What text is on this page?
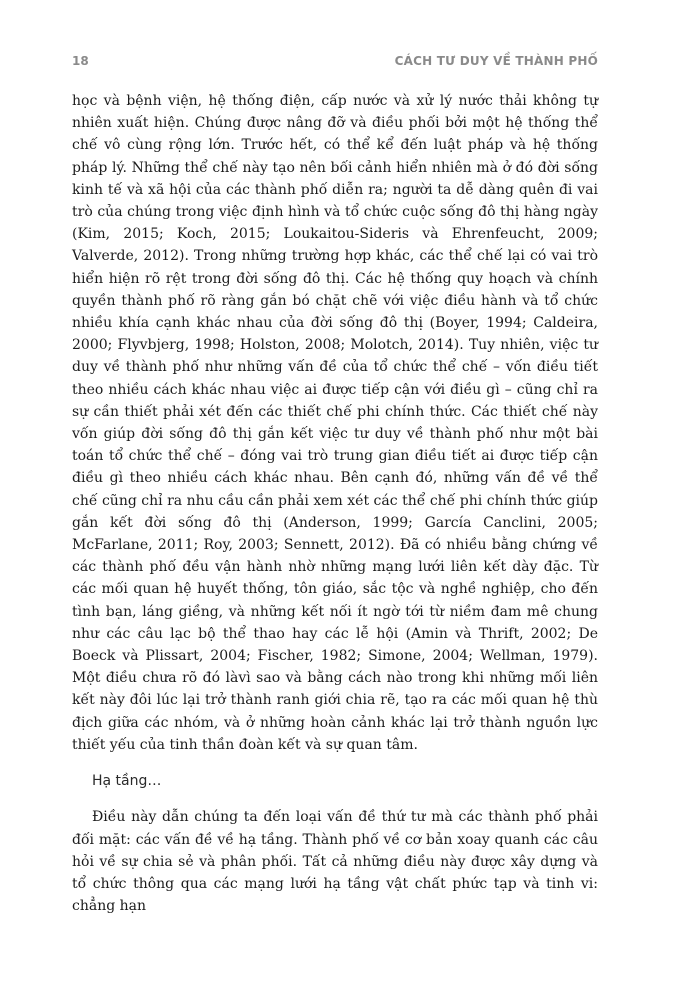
18	CÁCH TƯ DUY VỀ THÀNH PHỐ

học và bệnh viện, hệ thống điện, cấp nước và xử lý nước thải không tự nhiên xuất hiện. Chúng được nâng đỡ và điều phối bởi một hệ thống thể chế vô cùng rộng lớn. Trước hết, có thể kể đến luật pháp và hệ thống pháp lý. Những thể chế này tạo nên bối cảnh hiển nhiên mà ở đó đời sống kinh tế và xã hội của các thành phố diễn ra; người ta dễ dàng quên đi vai trò của chúng trong việc định hình và tổ chức cuộc sống đô thị hàng ngày (Kim, 2015; Koch, 2015; Loukaitou-Sideris và Ehrenfeucht, 2009; Valverde, 2012). Trong những trường hợp khác, các thể chế lại có vai trò hiển hiện rõ rệt trong đời sống đô thị. Các hệ thống quy hoạch và chính quyền thành phố rõ ràng gắn bó chặt chẽ với việc điều hành và tổ chức nhiều khía cạnh khác nhau của đời sống đô thị (Boyer, 1994; Caldeira, 2000; Flyvbjerg, 1998; Holston, 2008; Molotch, 2014). Tuy nhiên, việc tư duy về thành phố như những vấn đề của tổ chức thể chế – vốn điều tiết theo nhiều cách khác nhau việc ai được tiếp cận với điều gì – cũng chỉ ra sự cần thiết phải xét đến các thiết chế phi chính thức. Các thiết chế này vốn giúp đời sống đô thị gắn kết việc tư duy về thành phố như một bài toán tổ chức thể chế – đóng vai trò trung gian điều tiết ai được tiếp cận điều gì theo nhiều cách khác nhau. Bên cạnh đó, những vấn đề về thể chế cũng chỉ ra nhu cầu cần phải xem xét các thể chế phi chính thức giúp gắn kết đời sống đô thị (Anderson, 1999; García Canclini, 2005; McFarlane, 2011; Roy, 2003; Sennett, 2012). Đã có nhiều bằng chứng về các thành phố đều vận hành nhờ những mạng lưới liên kết dày đặc. Từ các mối quan hệ huyết thống, tôn giáo, sắc tộc và nghề nghiệp, cho đến tình bạn, láng giềng, và những kết nối ít ngờ tới từ niềm đam mê chung như các câu lạc bộ thể thao hay các lễ hội (Amin và Thrift, 2002; De Boeck và Plissart, 2004; Fischer, 1982; Simone, 2004; Wellman, 1979). Một điều chưa rõ đó làvì sao và bằng cách nào trong khi những mối liên kết này đôi lúc lại trở thành ranh giới chia rẽ, tạo ra các mối quan hệ thù địch giữa các nhóm, và ở những hoàn cảnh khác lại trở thành nguồn lực thiết yếu của tinh thần đoàn kết và sự quan tâm.

Hạ tầng…

Điều này dẫn chúng ta đến loại vấn đề thứ tư mà các thành phố phải đối mặt: các vấn đề về hạ tầng. Thành phố về cơ bản xoay quanh các câu hỏi về sự chia sẻ và phân phối. Tất cả những điều này được xây dựng và tổ chức thông qua các mạng lưới hạ tầng vật chất phức tạp và tinh vi: chẳng hạn
